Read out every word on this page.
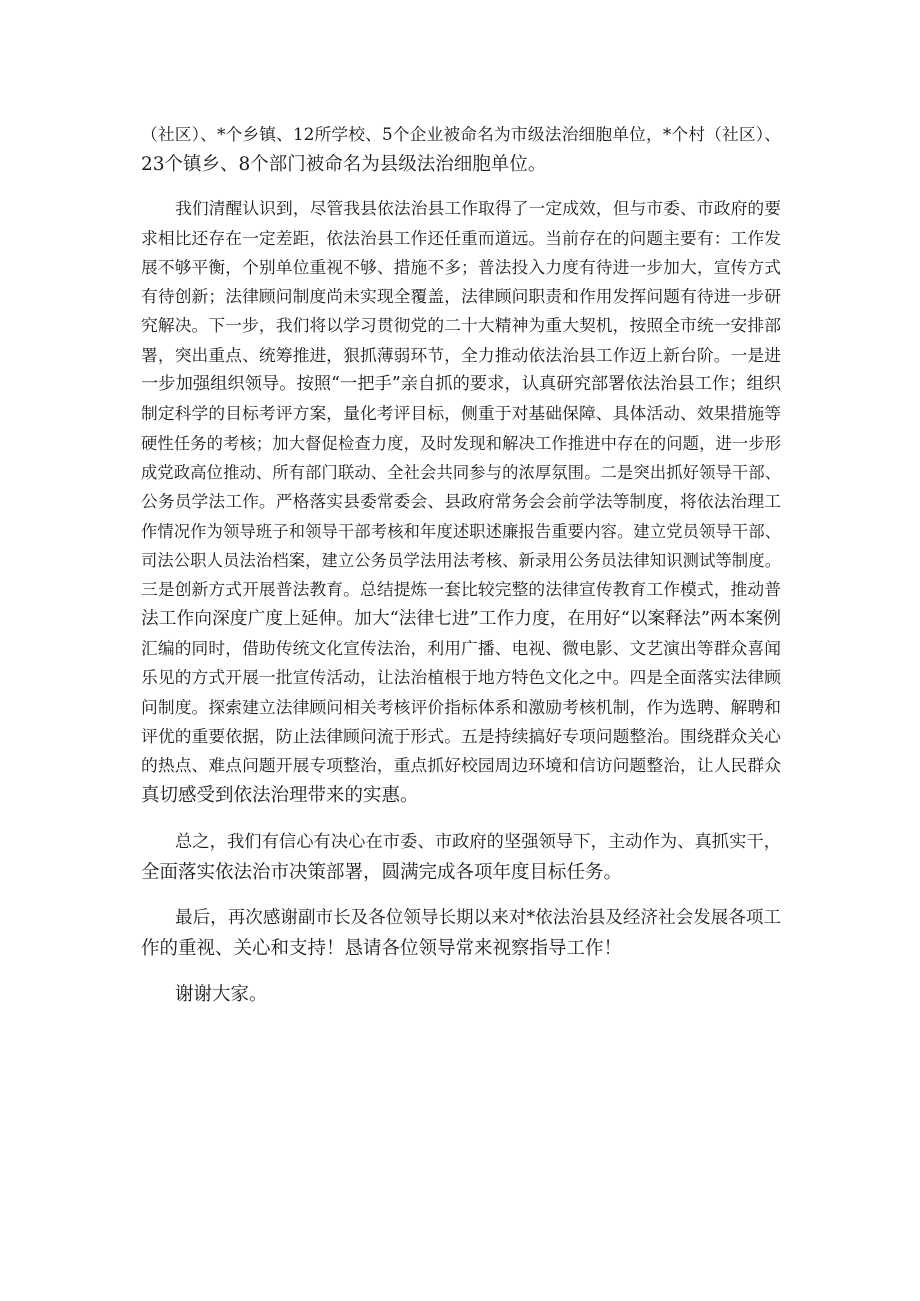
（社区）、*个乡镇、12所学校、5个企业被命名为市级法治细胞单位，*个村（社区）、
23个镇乡、8个部门被命名为县级法治细胞单位。
我们清醒认识到，尽管我县依法治县工作取得了一定成效，但与市委、市政府的要
求相比还存在一定差距，依法治县工作还任重而道远。当前存在的问题主要有：工作发
展不够平衡，个别单位重视不够、措施不多；普法投入力度有待进一步加大，宣传方式
有待创新；法律顾问制度尚未实现全覆盖，法律顾问职责和作用发挥问题有待进一步研
究解决。下一步，我们将以学习贯彻党的二十大精神为重大契机，按照全市统一安排部
署，突出重点、统筹推进，狠抓薄弱环节，全力推动依法治县工作迈上新台阶。一是进
一步加强组织领导。按照“一把手”亲自抓的要求，认真研究部署依法治县工作；组织
制定科学的目标考评方案，量化考评目标，侧重于对基础保障、具体活动、效果措施等
硬性任务的考核；加大督促检查力度，及时发现和解决工作推进中存在的问题，进一步形
成党政高位推动、所有部门联动、全社会共同参与的浓厚氛围。二是突出抓好领导干部、
公务员学法工作。严格落实县委常委会、县政府常务会会前学法等制度，将依法治理工
作情况作为领导班子和领导干部考核和年度述职述廉报告重要内容。建立党员领导干部、
司法公职人员法治档案，建立公务员学法用法考核、新录用公务员法律知识测试等制度。
三是创新方式开展普法教育。总结提炼一套比较完整的法律宣传教育工作模式，推动普
法工作向深度广度上延伸。加大“法律七进”工作力度，在用好“以案释法”两本案例
汇编的同时，借助传统文化宣传法治，利用广播、电视、微电影、文艺演出等群众喜闻
乐见的方式开展一批宣传活动，让法治植根于地方特色文化之中。四是全面落实法律顾
问制度。探索建立法律顾问相关考核评价指标体系和激励考核机制，作为选聘、解聘和
评优的重要依据，防止法律顾问流于形式。五是持续搞好专项问题整治。围绕群众关心
的热点、难点问题开展专项整治，重点抓好校园周边环境和信访问题整治，让人民群众
真切感受到依法治理带来的实惠。
总之，我们有信心有决心在市委、市政府的坚强领导下，主动作为、真抓实干，
全面落实依法治市决策部署，圆满完成各项年度目标任务。
最后，再次感谢副市长及各位领导长期以来对*依法治县及经济社会发展各项工
作的重视、关心和支持！恳请各位领导常来视察指导工作！
谢谢大家。
